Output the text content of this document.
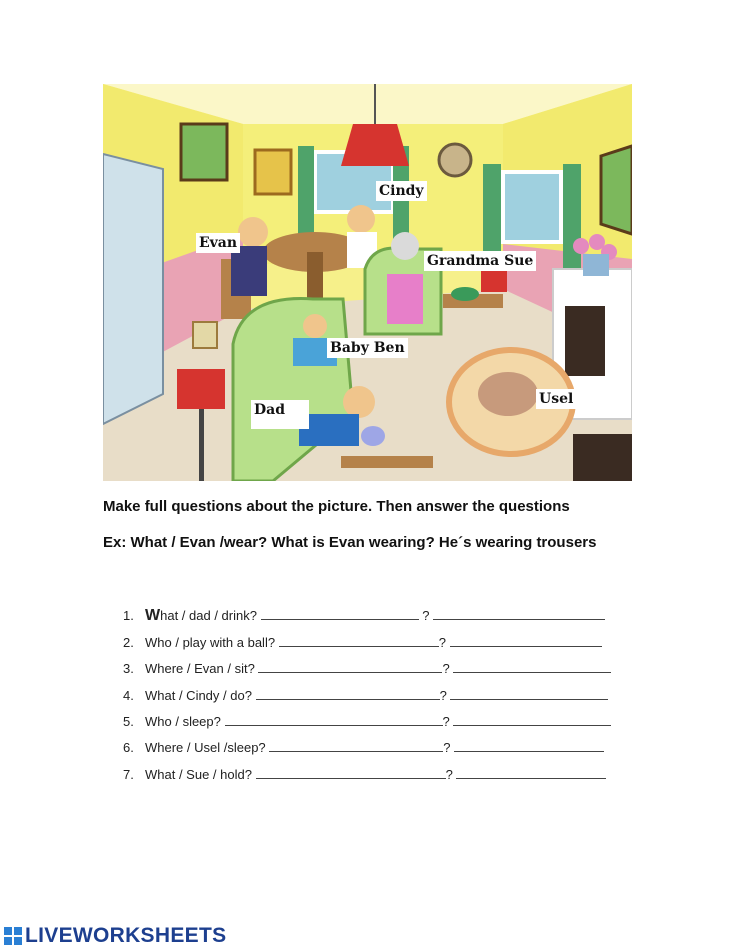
Cindy
Evan
Grandma Sue
Baby Ben
Dad
Usel
Make full questions about the picture. Then answer the questions
Ex: What / Evan /wear? What is Evan wearing? He´s wearing trousers
1. What / dad / drink?	?
2. Who / play with a ball?	?
3. Where / Evan / sit?	?
4. What / Cindy / do?	?
5. Who / sleep?	?
6. Where / Usel /sleep?	?
7. What / Sue / hold?	?
LIVEWORKSHEETS
